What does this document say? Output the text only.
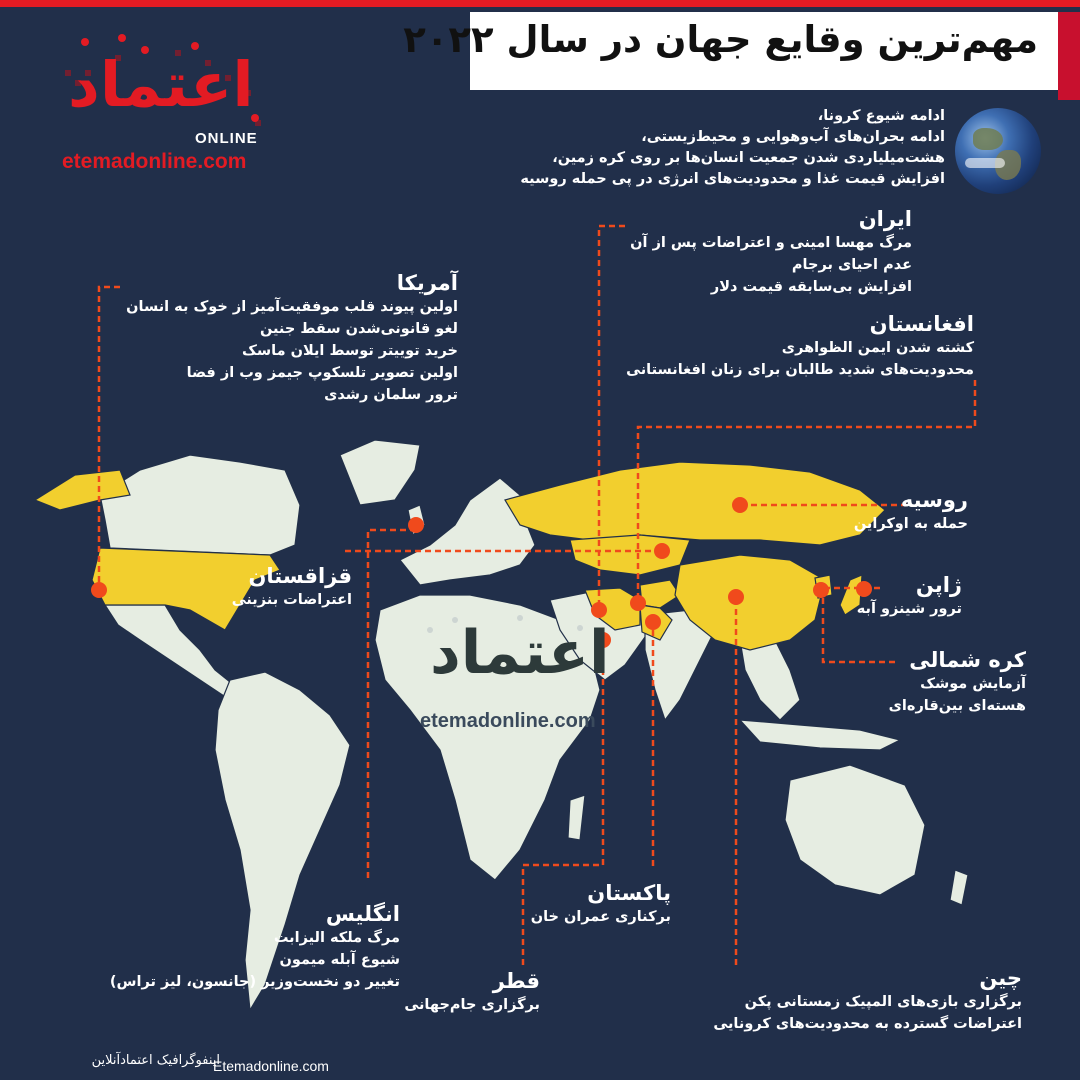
مهم‌ترین وقایع جهان در سال ۲۰۲۲
اعتماد
ONLINE
etemadonline.com
ادامه شیوع کرونا،
ادامه بحران‌های آب‌وهوایی و محیط‌زیستی،
هشت‌میلیاردی شدن جمعیت انسان‌ها بر روی کره زمین،
افزایش قیمت غذا و محدودیت‌های انرژی در پی حمله روسیه
آمریکا
اولین پیوند قلب موفقیت‌آمیز از خوک به انسان
لغو قانونی‌شدن سقط جنین
خرید توییتر توسط ایلان ماسک
اولین تصویر تلسکوپ جیمز وب از فضا
ترور سلمان رشدی
ایران
مرگ مهسا امینی و اعتراضات پس از آن
عدم احیای برجام
افزایش بی‌سابقه قیمت دلار
افغانستان
کشته شدن ایمن الظواهری
محدودیت‌های شدید طالبان برای زنان افغانستانی
روسیه
حمله به اوکراین
قزاقستان
اعتراضات بنزینی
ژاپن
ترور شینزو آبه
کره شمالی
آزمایش موشک
هسته‌ای بین‌قاره‌ای
پاکستان
برکناری عمران خان
انگلیس
مرگ ملکه الیزابت
شیوع آبله میمون
تغییر دو نخست‌وزیر (جانسون، لیز تراس)	قطر
برگزاری جام‌جهانی
چین
برگزاری بازی‌های المپیک زمستانی پکن
اعتراضات گسترده به محدودیت‌های کرونایی
اعتماد
etemadonline.com
Etemadonline.com
اینفوگرافیک اعتمادآنلاین
